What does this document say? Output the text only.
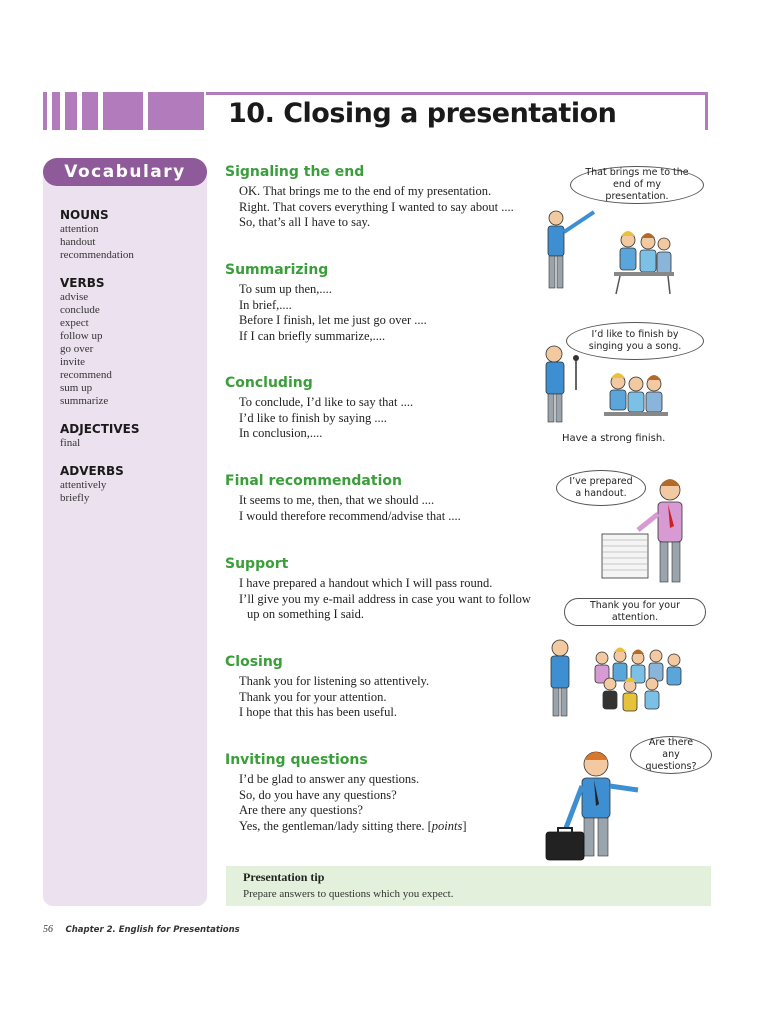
10. Closing a presentation
Vocabulary
NOUNS
attention
handout
recommendation
VERBS
advise
conclude
expect
follow up
go over
invite
recommend
sum up
summarize
ADJECTIVES
final
ADVERBS
attentively
briefly
Signaling the end
OK. That brings me to the end of my presentation.
Right. That covers everything I wanted to say about ....
So, that’s all I have to say.
Summarizing
To sum up then,....
In brief,....
Before I finish, let me just go over ....
If I can briefly summarize,....
Concluding
To conclude, I’d like to say that ....
I’d like to finish by saying ....
In conclusion,....
Final recommendation
It seems to me, then, that we should ....
I would therefore recommend/advise that ....
Support
I have prepared a handout which I will pass round.
I’ll give you my e-mail address in case you want to follow
up on something I said.
Closing
Thank you for listening so attentively.
Thank you for your attention.
I hope that this has been useful.
Inviting questions
I’d be glad to answer any questions.
So, do you have any questions?
Are there any questions?
Yes, the gentleman/lady sitting there. [points]
That brings me to the end of my presentation.
I’d like to finish by singing you a song.
Have a strong finish.
I’ve prepared a handout.
Thank you for your attention.
Are there any questions?
Presentation tip
Prepare answers to questions which you expect.
56 Chapter 2. English for Presentations
